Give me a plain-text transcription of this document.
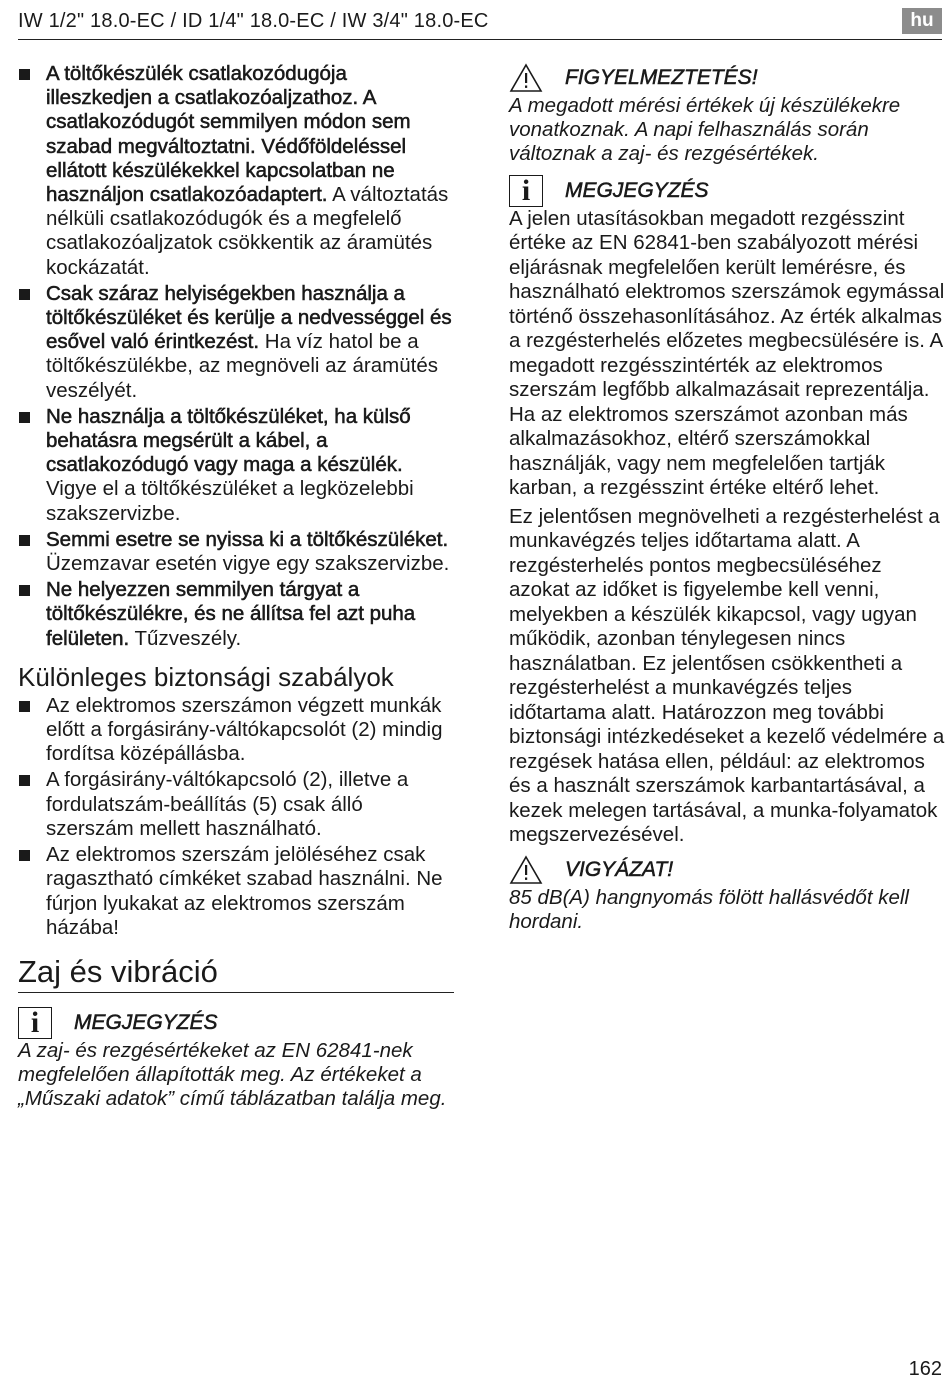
IW 1/2" 18.0-EC / ID 1/4" 18.0-EC / IW 3/4" 18.0-EC	hu
A töltőkészülék csatlakozódugója illeszkedjen a csatlakozóaljzathoz. A csatlakozódugót semmilyen módon sem szabad megváltoztatni. Védőföldeléssel ellátott készülékekkel kapcsolatban ne használjon csatlakozóadaptert. A változtatás nélküli csatlakozódugók és a megfelelő csatlakozóaljzatok csökkentik az áramütés kockázatát.
Csak száraz helyiségekben használja a töltőkészüléket és kerülje a nedvességgel és esővel való érintkezést. Ha víz hatol be a töltőkészülékbe, az megnöveli az áramütés veszélyét.
Ne használja a töltőkészüléket, ha külső behatásra megsérült a kábel, a csatlakozódugó vagy maga a készülék. Vigye el a töltőkészüléket a legközelebbi szakszervizbe.
Semmi esetre se nyissa ki a töltőkészüléket. Üzemzavar esetén vigye egy szakszervizbe.
Ne helyezzen semmilyen tárgyat a töltőkészülékre, és ne állítsa fel azt puha felületen. Tűzveszély.
Különleges biztonsági szabályok
Az elektromos szerszámon végzett munkák előtt a forgásirány-váltókapcsolót (2) mindig fordítsa középállásba.
A forgásirány-váltókapcsoló (2), illetve a fordulatszám-beállítás (5) csak álló szerszám mellett használható.
Az elektromos szerszám jelöléséhez csak ragasztható címkéket szabad használni. Ne fúrjon lyukakat az elektromos szerszám házába!
Zaj és vibráció
i	MEGJEGYZÉS
A zaj- és rezgésértékeket az EN 62841-nek megfelelően állapították meg. Az értékeket a „Műszaki adatok” című táblázatban találja meg.
FIGYELMEZTETÉS!
A megadott mérési értékek új készülékekre vonatkoznak. A napi felhasználás során változnak a zaj- és rezgésértékek.
i	MEGJEGYZÉS
A jelen utasításokban megadott rezgésszint értéke az EN 62841-ben szabályozott mérési eljárásnak megfelelően került lemérésre, és használható elektromos szerszámok egymással történő összehasonlításához. Az érték alkalmas a rezgésterhelés előzetes megbecsülésére is. A megadott rezgésszintérték az elektromos szerszám legfőbb alkalmazásait reprezentálja. Ha az elektromos szerszámot azonban más alkalmazásokhoz, eltérő szerszámokkal használják, vagy nem megfelelően tartják karban, a rezgésszint értéke eltérő lehet.
Ez jelentősen megnövelheti a rezgésterhelést a munkavégzés teljes időtartama alatt. A rezgésterhelés pontos megbecsüléséhez azokat az időket is figyelembe kell venni, melyekben a készülék kikapcsol, vagy ugyan működik, azonban ténylegesen nincs használatban. Ez jelentősen csökkentheti a rezgésterhelést a munkavégzés teljes időtartama alatt. Határozzon meg további biztonsági intézkedéseket a kezelő védelmére a rezgések hatása ellen, például: az elektromos és a használt szerszámok karbantartásával, a kezek melegen tartásával, a munka-folyamatok megszervezésével.
VIGYÁZAT!
85 dB(A) hangnyomás fölött hallásvédőt kell hordani.
162
